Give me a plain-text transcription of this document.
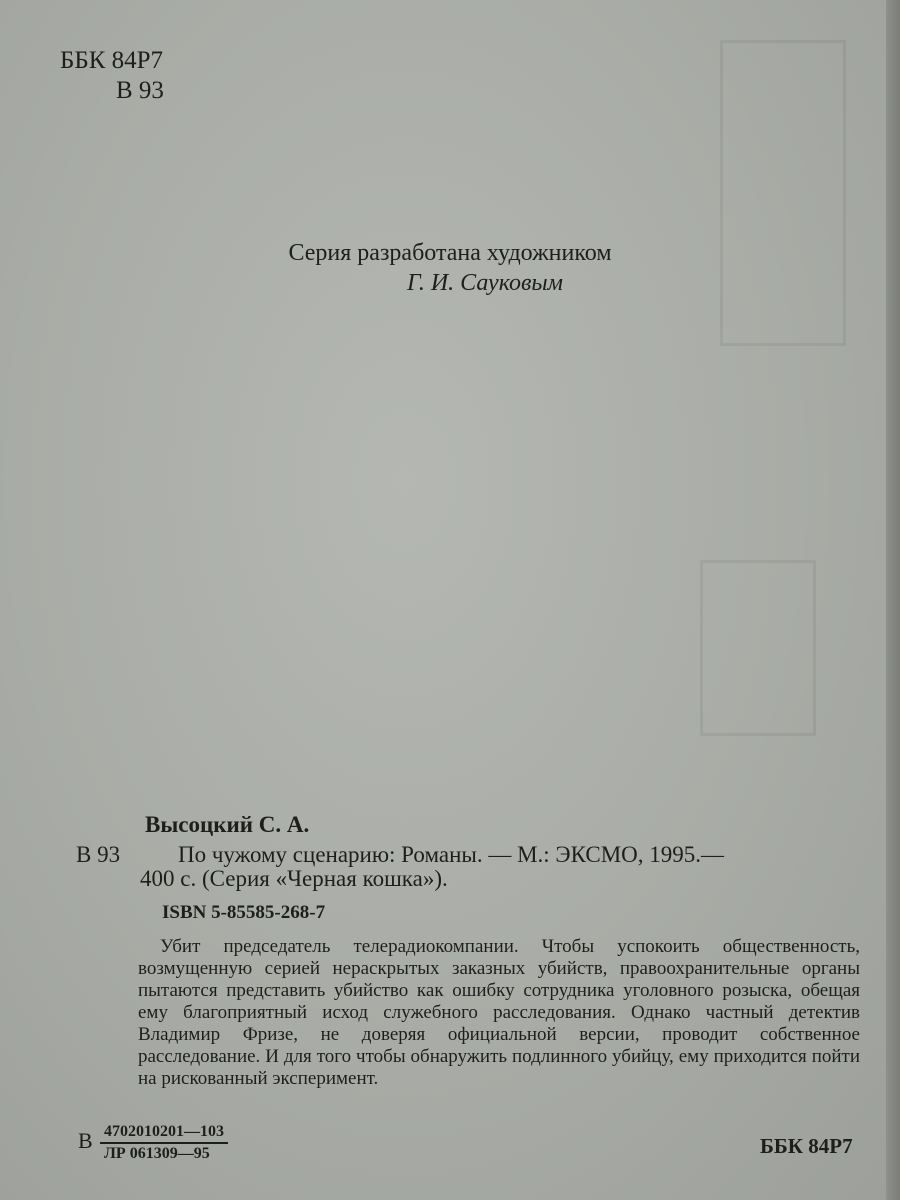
ББК 84Р7
В 93
Серия разработана художником
Г. И. Сауковым
Высоцкий С. А.
В 93	По чужому сценарию: Романы. — М.: ЭКСМО, 1995.—
400 с. (Серия «Черная кошка»).
ISBN 5-85585-268-7
Убит председатель телерадиокомпании. Чтобы успокоить общественность, возмущенную серией нераскрытых заказных убийств, правоохранительные органы пытаются представить убийство как ошибку сотрудника уголовного розыска, обещая ему благоприятный исход служебного расследования. Однако частный детектив Владимир Фризе, не доверяя официальной версии, проводит собственное расследование. И для того чтобы обнаружить подлинного убийцу, ему приходится пойти на рискованный эксперимент.
В 4702010201—103
ЛР 061309—95	ББК 84Р7
